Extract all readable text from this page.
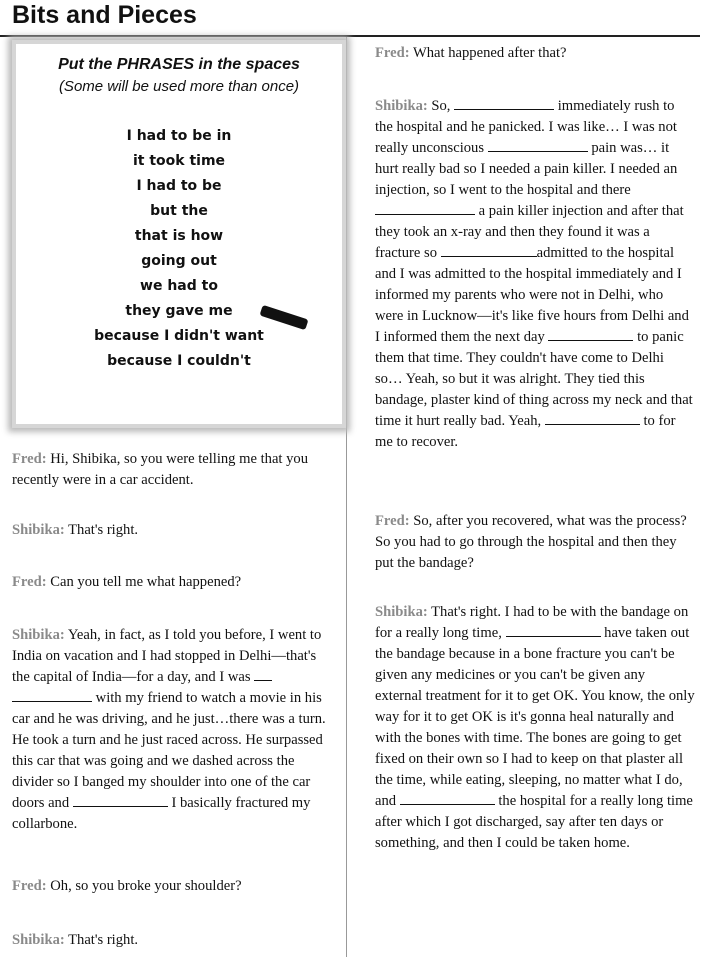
Bits and Pieces
Put the PHRASES in the spaces
(Some will be used more than once)
I had to be in
it took time
I had to be
but the
that is how
going out
we had to
they gave me
because I didn't want
because I couldn't
Fred: Hi, Shibika, so you were telling me that you recently were in a car accident.
Shibika: That's right.
Fred: Can you tell me what happened?
Shibika: Yeah, in fact, as I told you before, I went to India on vacation and I had stopped in Delhi—that's the capital of India—for a day, and I was   with my friend to watch a movie in his car and he was driving, and he just…there was a turn. He took a turn and he just raced across. He surpassed this car that was going and we dashed across the divider so I banged my shoulder into one of the car doors and	I basically fractured my collarbone.
Fred: Oh, so you broke your shoulder?
Shibika: That's right.
Fred: What happened after that?
Shibika: So,	immediately rush to the hospital and he panicked. I was like… I was not really unconscious	pain was… it hurt really bad so I needed a pain killer. I needed an injection, so I went to the hospital and there  a pain killer injection and after that they took an x-ray and then they found it was a fracture so	admitted to the hospital and I was admitted to the hospital immediately and I informed my parents who were not in Delhi, who were in Lucknow—it's like five hours from Delhi and I informed them the next day	to panic them that time. They couldn't have come to Delhi so… Yeah, so but it was alright. They tied this bandage, plaster kind of thing across my neck and that time it hurt really bad. Yeah,	to for me to recover.
Fred: So, after you recovered, what was the process? So you had to go through the hospital and then they put the bandage?
Shibika: That's right. I had to be with the bandage on for a really long time,	have taken out the bandage because in a bone fracture you can't be given any medicines or you can't be given any external treatment for it to get OK. You know, the only way for it to get OK is it's gonna heal naturally and with the bones with time. The bones are going to get fixed on their own so I had to keep on that plaster all the time, while eating, sleeping, no matter what I do, and	the hospital for a really long time after which I got discharged, say after ten days or something, and then I could be taken home.
